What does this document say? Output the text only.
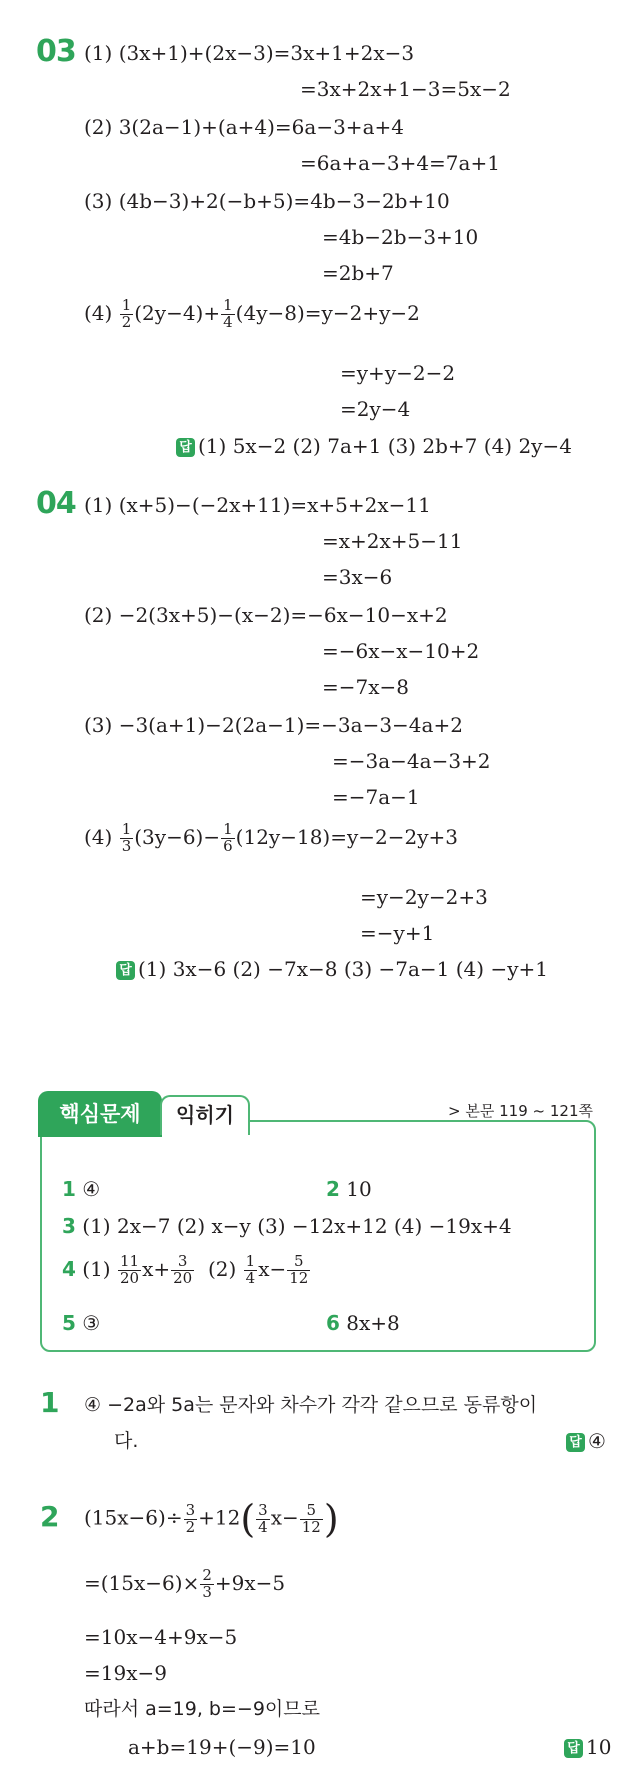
03 (1) (3x+1)+(2x−3)=3x+1+2x−3
=3x+2x+1−3=5x−2
(2) 3(2a−1)+(a+4)=6a−3+a+4
=6a+a−3+4=7a+1
(3) (4b−3)+2(−b+5)=4b−3−2b+10
=4b−2b−3+10
=2b+7
$(4) \frac{1}{2} (2y-4)+ \frac{1}{4} (4y-8)=y-2+y-2$
=y+y−2−2
=2y−4
답 (1) 5x−2 (2) 7a+1 (3) 2b+7 (4) 2y−4
04 (1) (x+5)−(−2x+11)=x+5+2x−11
=x+2x+5−11
=3x−6
(2) −2(3x+5)−(x−2)=−6x−10−x+2
=−6x−x−10+2
=−7x−8
(3) −3(a+1)−2(2a−1)=−3a−3−4a+2
=−3a−4a−3+2
=−7a−1
$(4) \frac{1}{3} (3y-6)- \frac{1}{6} (12y-18)=y-2-2y+3$
=y−2y−2+3
=−y+1
답 (1) 3x−6 (2) −7x−8 (3) −7a−1 (4) −y+1
핵심문제	익히기	> 본문 119 ~ 121쪽
1 ④	2 10
3 (1) 2x−7 (2) x−y (3) −12x+12 (4) −19x+4
4 $(1) \frac{11}{20} x+ \frac{3}{20} (2) \frac{1}{4} x- \frac{5}{12}$
5 ③	6 8x+8
1 ④ −2a와 5a는 문자와 차수가 각각 같으므로 동류항이
다.	답 ④
2 $(15x-6)\div \frac{3}{2} +12( \frac{3}{4} x- \frac{5}{12}$ )
$=(15x-6)\times \frac{2}{3} +9x-5$
=10x−4+9x−5
=19x−9
따라서 a=19, b=−9이므로
a+b=19+(−9)=10	답 10
